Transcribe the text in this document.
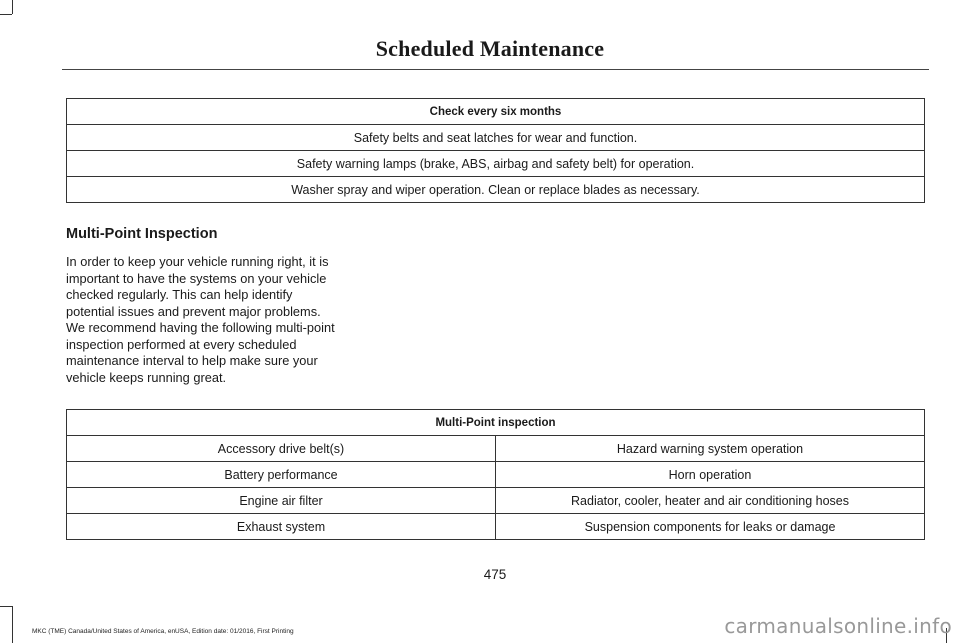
Scheduled Maintenance
Check every six months
Safety belts and seat latches for wear and function.
Safety warning lamps (brake, ABS, airbag and safety belt) for operation.
Washer spray and wiper operation. Clean or replace blades as necessary.
Multi-Point Inspection
In order to keep your vehicle running right, it is important to have the systems on your vehicle checked regularly. This can help identify potential issues and prevent major problems. We recommend having the following multi-point inspection performed at every scheduled maintenance interval to help make sure your vehicle keeps running great.
Multi-Point inspection	
Accessory drive belt(s)	Hazard warning system operation
Battery performance	Horn operation
Engine air filter	Radiator, cooler, heater and air conditioning hoses
Exhaust system	Suspension components for leaks or damage
475
MKC (TME) Canada/United States of America, enUSA, Edition date: 01/2016, First Printing	carmanualsonline.info
